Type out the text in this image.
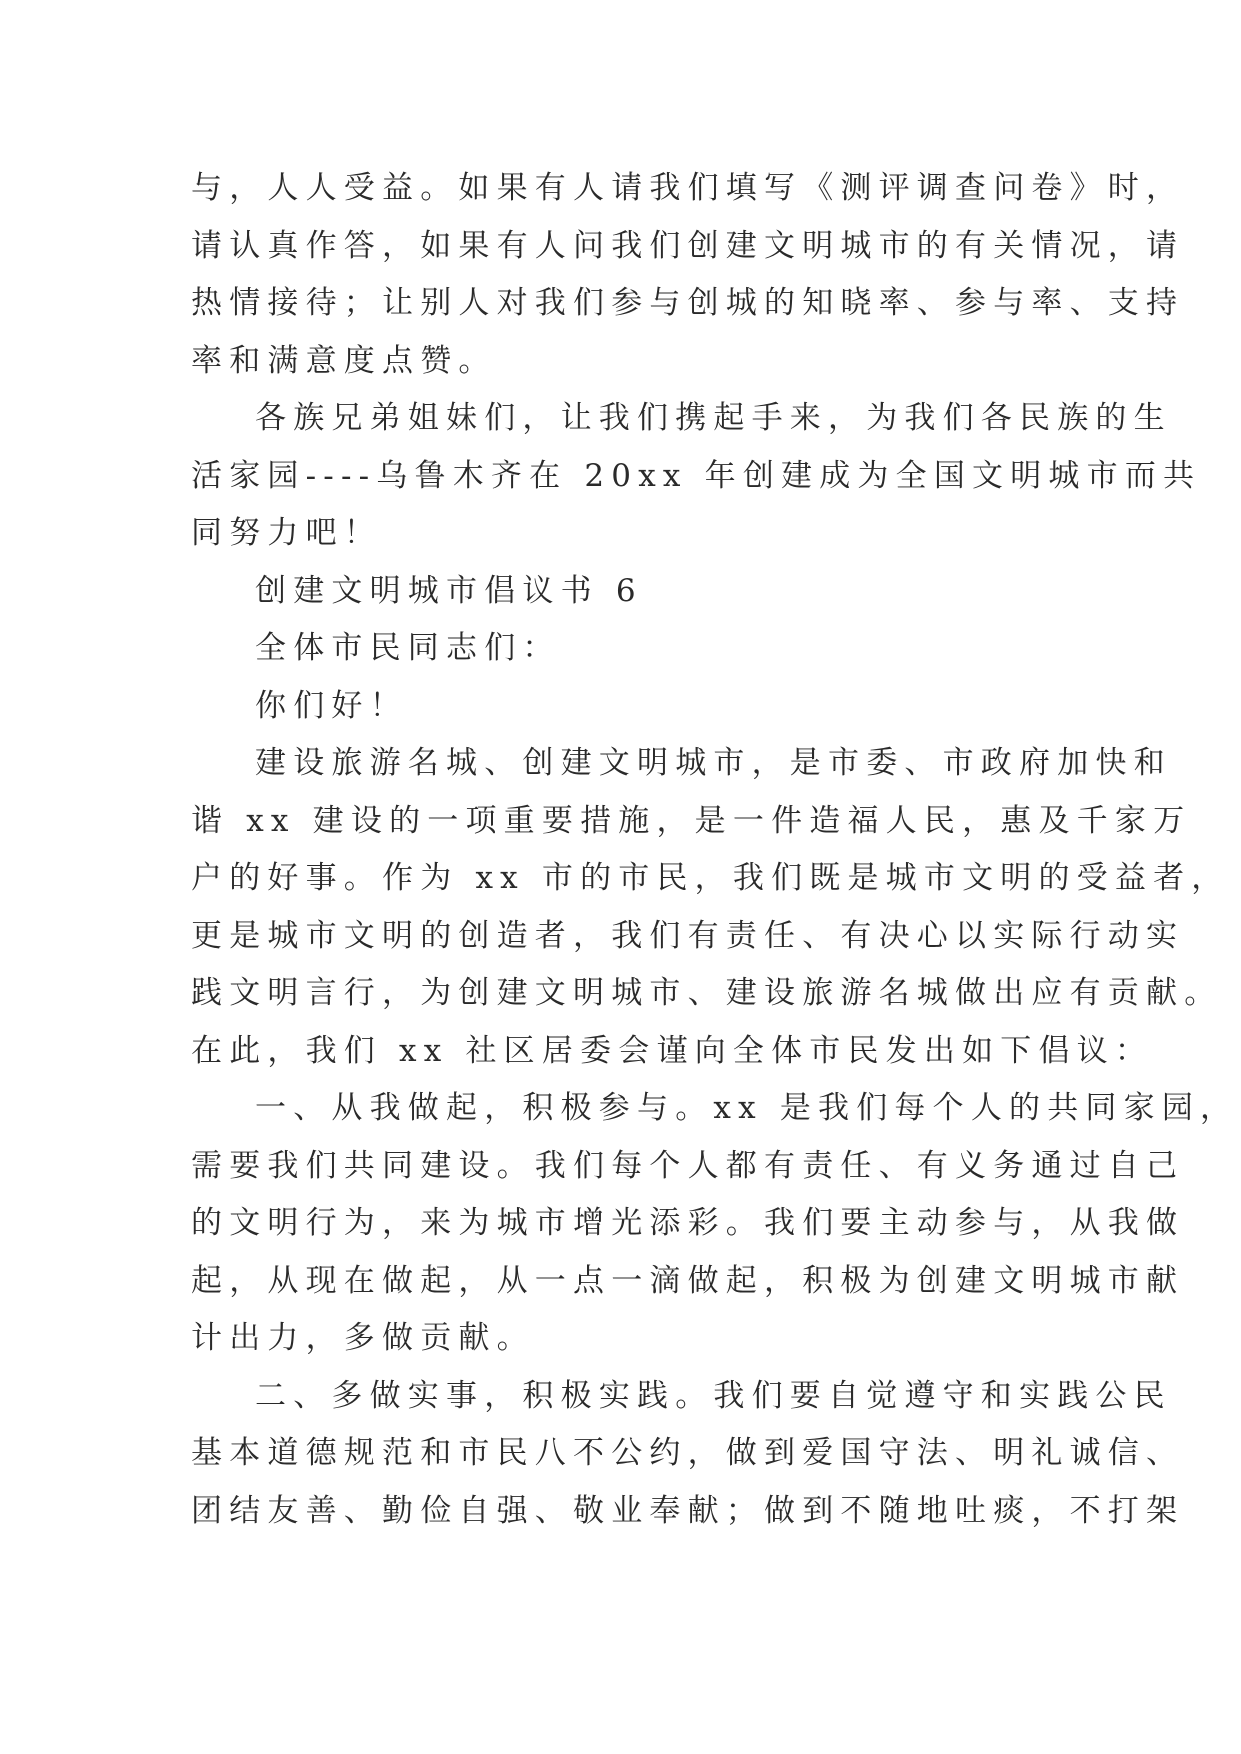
与，人人受益。如果有人请我们填写《测评调查问卷》时，
请认真作答，如果有人问我们创建文明城市的有关情况，请
热情接待；让别人对我们参与创城的知晓率、参与率、支持
率和满意度点赞。
各族兄弟姐妹们，让我们携起手来，为我们各民族的生
活家园----乌鲁木齐在 20xx 年创建成为全国文明城市而共
同努力吧！
创建文明城市倡议书 6
全体市民同志们：
你们好！
建设旅游名城、创建文明城市，是市委、市政府加快和
谐 xx 建设的一项重要措施，是一件造福人民，惠及千家万
户的好事。作为 xx 市的市民，我们既是城市文明的受益者，
更是城市文明的创造者，我们有责任、有决心以实际行动实
践文明言行，为创建文明城市、建设旅游名城做出应有贡献。
在此，我们 xx 社区居委会谨向全体市民发出如下倡议：
一、从我做起，积极参与。xx 是我们每个人的共同家园，
需要我们共同建设。我们每个人都有责任、有义务通过自己
的文明行为，来为城市增光添彩。我们要主动参与，从我做
起，从现在做起，从一点一滴做起，积极为创建文明城市献
计出力，多做贡献。
二、多做实事，积极实践。我们要自觉遵守和实践公民
基本道德规范和市民八不公约，做到爱国守法、明礼诚信、
团结友善、勤俭自强、敬业奉献；做到不随地吐痰，不打架
